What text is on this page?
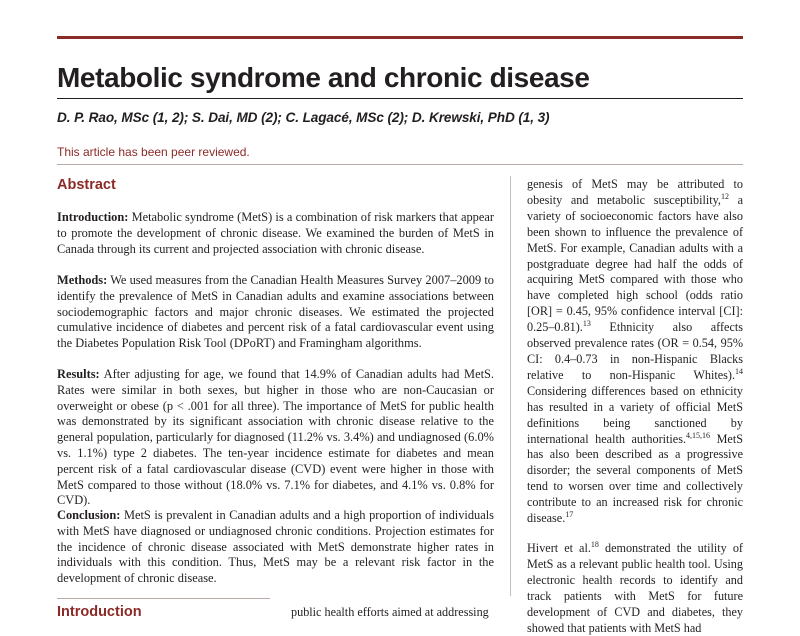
Metabolic syndrome and chronic disease
D. P. Rao, MSc (1, 2); S. Dai, MD (2); C. Lagacé, MSc (2); D. Krewski, PhD (1, 3)
This article has been peer reviewed.
Abstract

Introduction: Metabolic syndrome (MetS) is a combination of risk markers that appear to promote the development of chronic disease. We examined the burden of MetS in Canada through its current and projected association with chronic disease.

Methods: We used measures from the Canadian Health Measures Survey 2007–2009 to identify the prevalence of MetS in Canadian adults and examine associations between sociodemographic factors and major chronic diseases. We estimated the projected cumulative incidence of diabetes and percent risk of a fatal cardiovascular event using the Diabetes Population Risk Tool (DPoRT) and Framingham algorithms.

Results: After adjusting for age, we found that 14.9% of Canadian adults had MetS. Rates were similar in both sexes, but higher in those who are non-Caucasian or overweight or obese (p < .001 for all three). The importance of MetS for public health was demonstrated by its significant association with chronic disease relative to the general population, particularly for diagnosed (11.2% vs. 3.4%) and undiagnosed (6.0% vs. 1.1%) type 2 diabetes. The ten-year incidence estimate for diabetes and mean percent risk of a fatal cardiovascular disease (CVD) event were higher in those with MetS compared to those without (18.0% vs. 7.1% for diabetes, and 4.1% vs. 0.8% for CVD).

Conclusion: MetS is prevalent in Canadian adults and a high proportion of individuals with MetS have diagnosed or undiagnosed chronic conditions. Projection estimates for the incidence of chronic disease associated with MetS demonstrate higher rates in individuals with this condition. Thus, MetS may be a relevant risk factor in the development of chronic disease.

Introduction	public health efforts aimed at addressing

genesis of MetS may be attributed to obesity and metabolic susceptibility,$^{12}$ a variety of socioeconomic factors have also been shown to influence the prevalence of MetS. For example, Canadian adults with a postgraduate degree had half the odds of acquiring MetS compared with those who have completed high school (odds ratio [OR] = 0.45, 95% confidence interval [CI]: 0.25–0.81).$^{13}$ Ethnicity also affects observed prevalence rates (OR = 0.54, 95% CI: 0.4–0.73 in non-Hispanic Blacks relative to non-Hispanic Whites).$^{14}$ Considering differences based on ethnicity has resulted in a variety of official MetS definitions being sanctioned by international health authorities.$^{4,15,16}$ MetS has also been described as a progressive disorder; the several components of MetS tend to worsen over time and collectively contribute to an increased risk for chronic disease.$^{17}$

Hivert et al.$^{18}$ demonstrated the utility of MetS as a relevant public health tool. Using electronic health records to identify and track patients with MetS for future development of CVD and diabetes, they showed that patients with MetS had
